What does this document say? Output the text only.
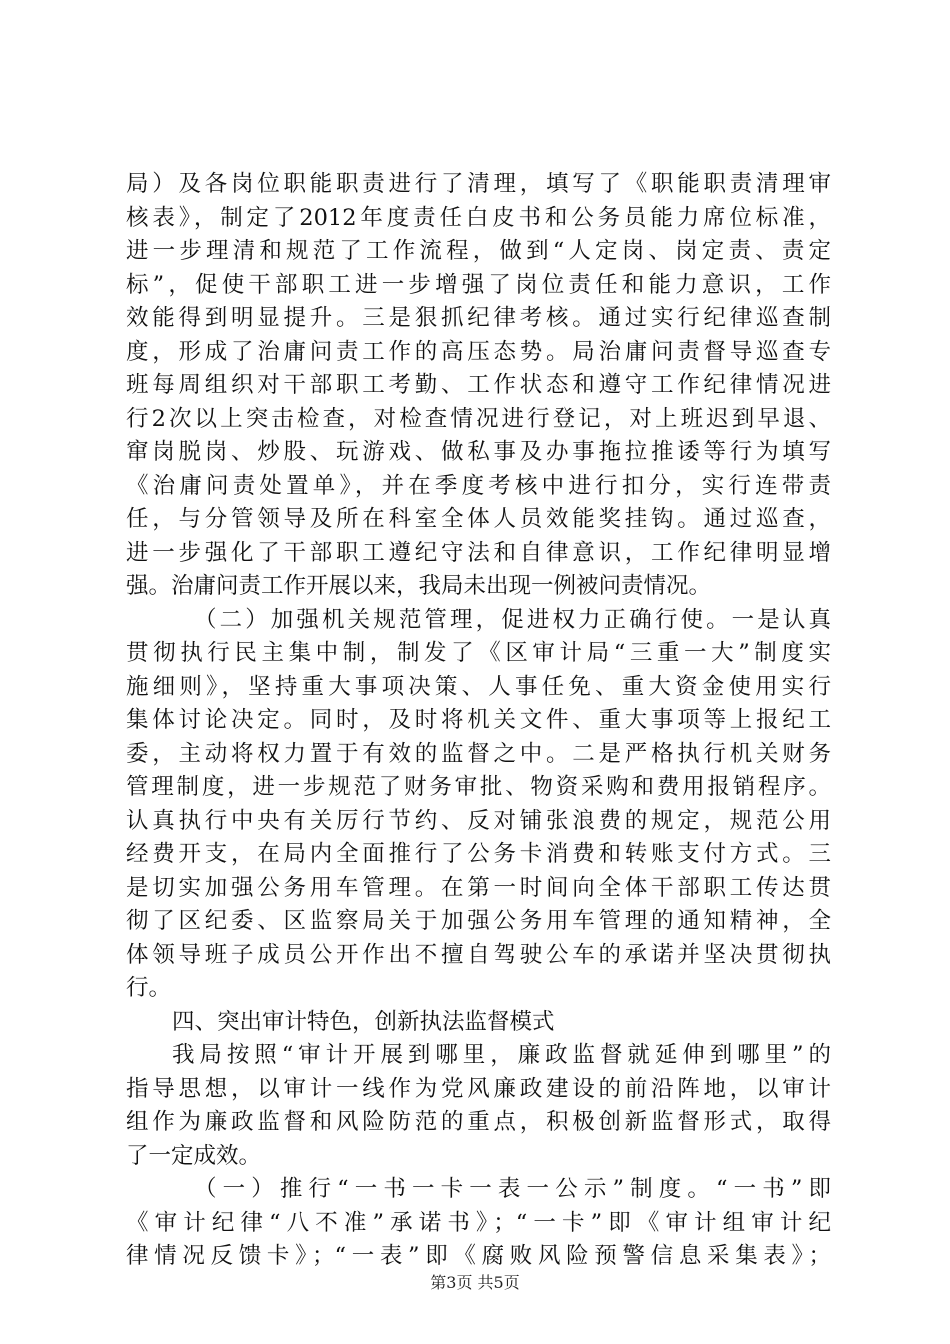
局）及各岗位职能职责进行了清理，填写了《职能职责清理审
核表》，制定了2012年度责任白皮书和公务员能力席位标准，
进一步理清和规范了工作流程，做到“人定岗、岗定责、责定
标”，促使干部职工进一步增强了岗位责任和能力意识，工作
效能得到明显提升。三是狠抓纪律考核。通过实行纪律巡查制
度，形成了治庸问责工作的高压态势。局治庸问责督导巡查专
班每周组织对干部职工考勤、工作状态和遵守工作纪律情况进
行2次以上突击检查，对检查情况进行登记，对上班迟到早退、
窜岗脱岗、炒股、玩游戏、做私事及办事拖拉推诿等行为填写
《治庸问责处置单》，并在季度考核中进行扣分，实行连带责
任，与分管领导及所在科室全体人员效能奖挂钩。通过巡查，
进一步强化了干部职工遵纪守法和自律意识，工作纪律明显增
强。治庸问责工作开展以来，我局未出现一例被问责情况。
（二）加强机关规范管理，促进权力正确行使。一是认真
贯彻执行民主集中制，制发了《区审计局“三重一大”制度实
施细则》，坚持重大事项决策、人事任免、重大资金使用实行
集体讨论决定。同时，及时将机关文件、重大事项等上报纪工
委，主动将权力置于有效的监督之中。二是严格执行机关财务
管理制度，进一步规范了财务审批、物资采购和费用报销程序。
认真执行中央有关厉行节约、反对铺张浪费的规定，规范公用
经费开支，在局内全面推行了公务卡消费和转账支付方式。三
是切实加强公务用车管理。在第一时间向全体干部职工传达贯
彻了区纪委、区监察局关于加强公务用车管理的通知精神，全
体领导班子成员公开作出不擅自驾驶公车的承诺并坚决贯彻执
行。
四、突出审计特色，创新执法监督模式
我局按照“审计开展到哪里，廉政监督就延伸到哪里”的
指导思想，以审计一线作为党风廉政建设的前沿阵地，以审计
组作为廉政监督和风险防范的重点，积极创新监督形式，取得
了一定成效。
（一）推行“一书一卡一表一公示”制度。“一书”即
《审计纪律“八不准”承诺书》；“一卡”即《审计组审计纪
律情况反馈卡》；“一表”即《腐败风险预警信息采集表》；
第3页 共5页
